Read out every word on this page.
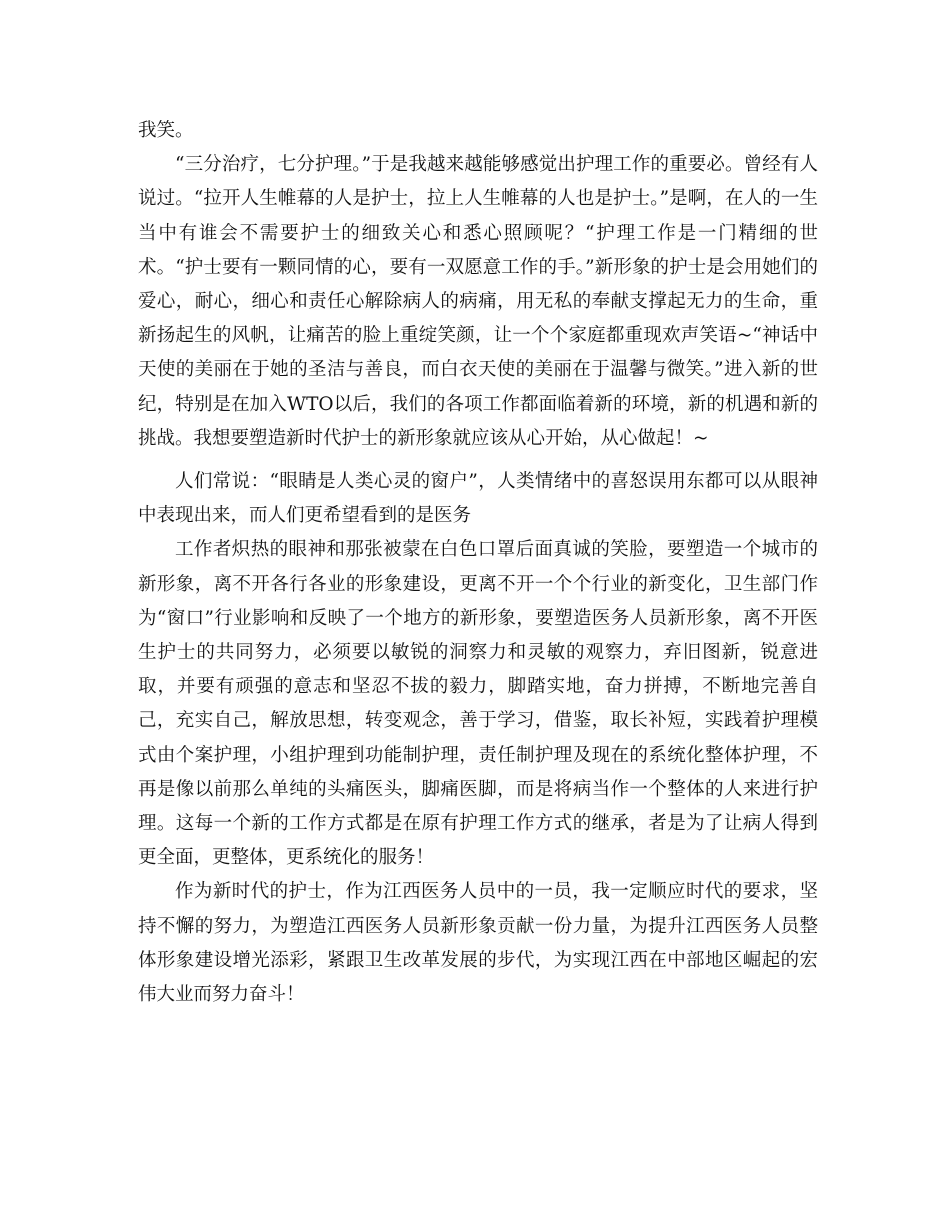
我笑。

“三分治疗，七分护理。”于是我越来越能够感觉出护理工作的重要必。曾经有人说过。“拉开人生帷幕的人是护士，拉上人生帷幕的人也是护士。”是啊，在人的一生当中有谁会不需要护士的细致关心和悉心照顾呢？“护理工作是一门精细的世术。“护士要有一颗同情的心，要有一双愿意工作的手。”新形象的护士是会用她们的爱心，耐心，细心和责任心解除病人的病痛，用无私的奉献支撑起无力的生命，重新扬起生的风帆，让痛苦的脸上重绽笑颜，让一个个家庭都重现欢声笑语~“神话中天使的美丽在于她的圣洁与善良，而白衣天使的美丽在于温馨与微笑。”进入新的世纪，特别是在加入WTO以后，我们的各项工作都面临着新的环境，新的机遇和新的挑战。我想要塑造新时代护士的新形象就应该从心开始，从心做起！~

人们常说：“眼睛是人类心灵的窗户”，人类情绪中的喜怒误用东都可以从眼神中表现出来，而人们更希望看到的是医务

工作者炽热的眼神和那张被蒙在白色口罩后面真诚的笑脸，要塑造一个城市的新形象，离不开各行各业的形象建设，更离不开一个个行业的新变化，卫生部门作为“窗口”行业影响和反映了一个地方的新形象，要塑造医务人员新形象，离不开医生护士的共同努力，必须要以敏锐的洞察力和灵敏的观察力，弃旧图新，锐意进取，并要有顽强的意志和坚忍不拔的毅力，脚踏实地，奋力拼搏，不断地完善自己，充实自己，解放思想，转变观念，善于学习，借鉴，取长补短，实践着护理模式由个案护理，小组护理到功能制护理，责任制护理及现在的系统化整体护理，不再是像以前那么单纯的头痛医头，脚痛医脚，而是将病当作一个整体的人来进行护理。这每一个新的工作方式都是在原有护理工作方式的继承，者是为了让病人得到更全面，更整体，更系统化的服务！

作为新时代的护士，作为江西医务人员中的一员，我一定顺应时代的要求，坚持不懈的努力，为塑造江西医务人员新形象贡献一份力量，为提升江西医务人员整体形象建设增光添彩，紧跟卫生改革发展的步代，为实现江西在中部地区崛起的宏伟大业而努力奋斗！
